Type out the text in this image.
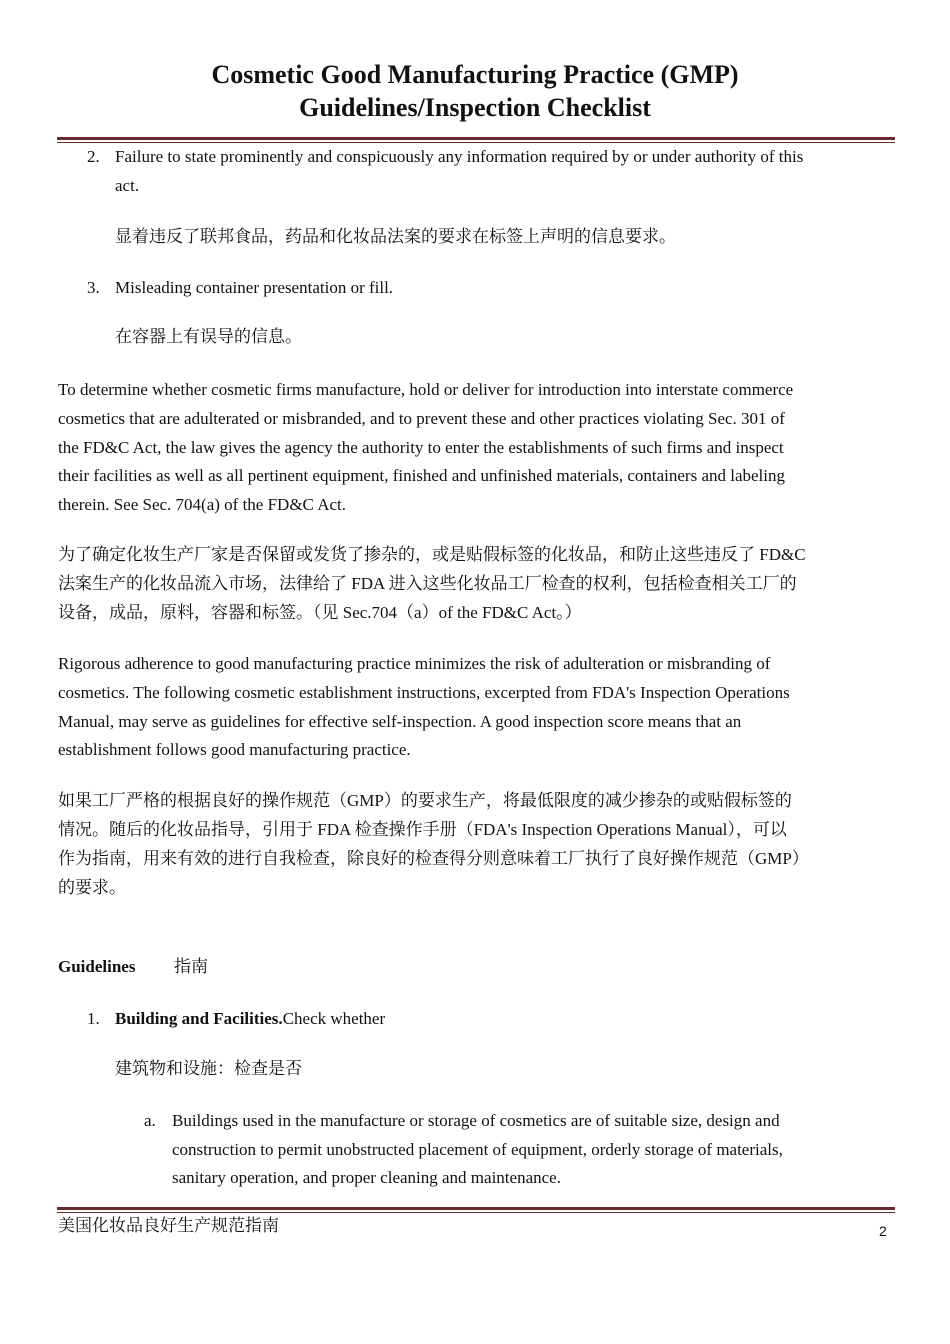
Cosmetic Good Manufacturing Practice (GMP)
Guidelines/Inspection Checklist

2. Failure to state prominently and conspicuously any information required by or under authority of this

act.

显着违反了联邦食品，药品和化妆品法案的要求在标签上声明的信息要求。

3. Misleading container presentation or fill.

在容器上有误导的信息。

To determine whether cosmetic firms manufacture, hold or deliver for introduction into interstate commerce

cosmetics that are adulterated or misbranded, and to prevent these and other practices violating Sec. 301 of

the FD&C Act, the law gives the agency the authority to enter the establishments of such firms and inspect

their facilities as well as all pertinent equipment, finished and unfinished materials, containers and labeling

therein. See Sec. 704(a) of the FD&C Act.

为了确定化妆生产厂家是否保留或发货了掺杂的，或是贴假标签的化妆品，和防止这些违反了 FD&C

法案生产的化妆品流入市场，法律给了 FDA 进入这些化妆品工厂检查的权利，包括检查相关工厂的

设备，成品，原料，容器和标签。（见 Sec.704（a）of the FD&C Act。）

Rigorous adherence to good manufacturing practice minimizes the risk of adulteration or misbranding of

cosmetics. The following cosmetic establishment instructions, excerpted from FDA's Inspection Operations

Manual, may serve as guidelines for effective self-inspection. A good inspection score means that an

establishment follows good manufacturing practice.

如果工厂严格的根据良好的操作规范（GMP）的要求生产，将最低限度的减少掺杂的或贴假标签的

情况。随后的化妆品指导，引用于 FDA 检查操作手册（FDA's Inspection Operations Manual），可以

作为指南，用来有效的进行自我检查，除良好的检查得分则意味着工厂执行了良好操作规范（GMP）

的要求。

Guidelines 指南

1. Building and Facilities.Check whether

建筑物和设施：检查是否

a. Buildings used in the manufacture or storage of cosmetics are of suitable size, design and

construction to permit unobstructed placement of equipment, orderly storage of materials,

sanitary operation, and proper cleaning and maintenance.

美国化妆品良好生产规范指南	2
